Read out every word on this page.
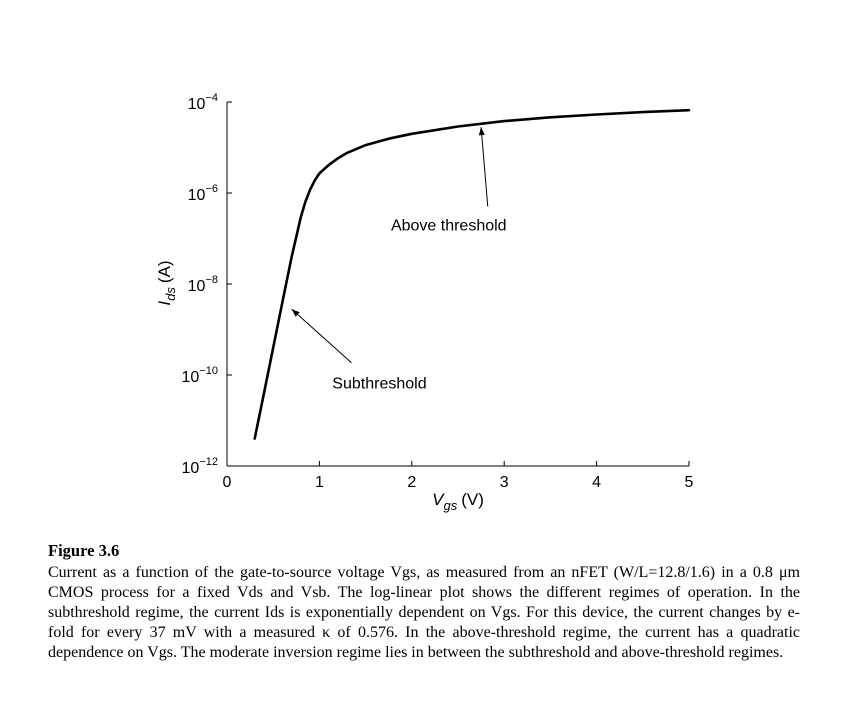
0	1	2	3	4	5
$10^{-12}$
$10^{-10}$
$10^{-8}$
$10^{-6}$
$10^{-4}$
Above threshold
Subthreshold
$V_{gs}$ (V)
$I_{ds}(A)$
Figure 3.6
Current as a function of the gate-to-source voltage Vgs, as measured from an nFET (W/L=12.8/1.6) in a 0.8 μm CMOS process for a fixed Vds and Vsb. The log-linear plot shows the different regimes of operation. In the subthreshold regime, the current Ids is exponentially dependent on Vgs. For this device, the current changes by e-fold for every 37 mV with a measured κ of 0.576. In the above-threshold regime, the current has a quadratic dependence on Vgs. The moderate inversion regime lies in between the subthreshold and above-threshold regimes.
